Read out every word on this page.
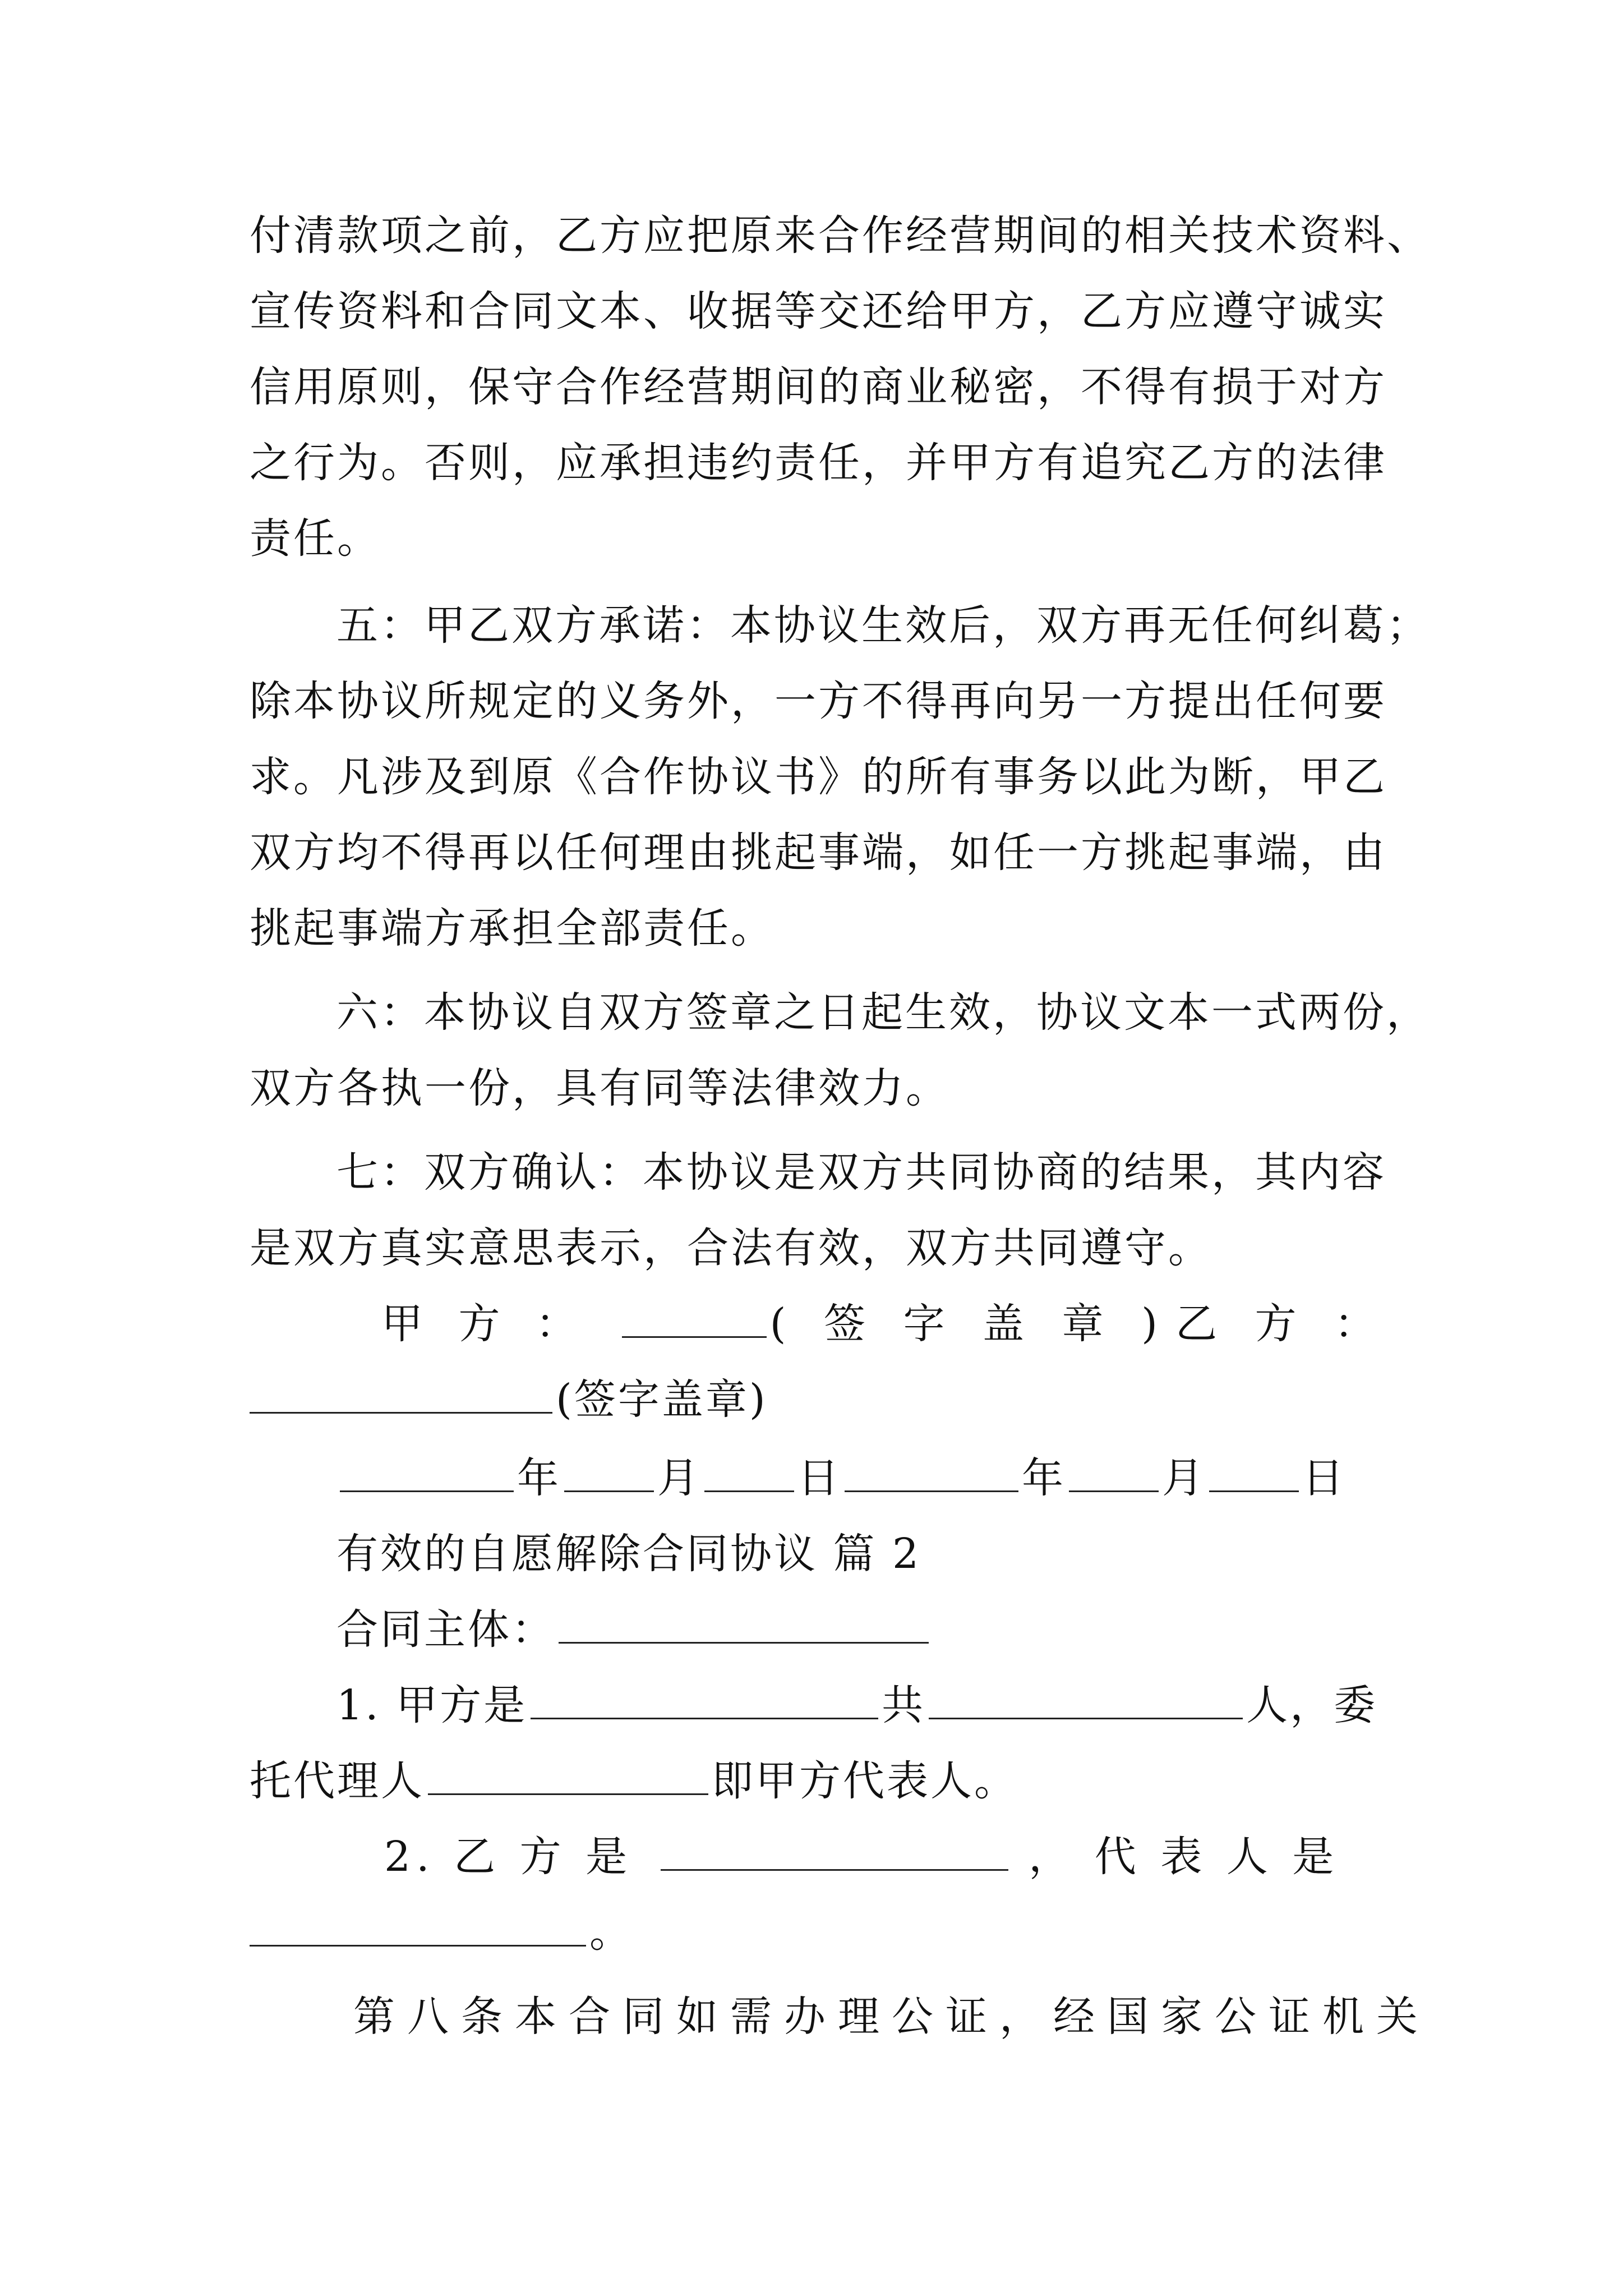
付清款项之前，乙方应把原来合作经营期间的相关技术资料、
宣传资料和合同文本、收据等交还给甲方，乙方应遵守诚实
信用原则，保守合作经营期间的商业秘密，不得有损于对方
之行为。否则，应承担违约责任，并甲方有追究乙方的法律
责任。
五：甲乙双方承诺：本协议生效后，双方再无任何纠葛；
除本协议所规定的义务外，一方不得再向另一方提出任何要
求。凡涉及到原《合作协议书》的所有事务以此为断，甲乙
双方均不得再以任何理由挑起事端，如任一方挑起事端，由
挑起事端方承担全部责任。
六：本协议自双方签章之日起生效，协议文本一式两份，
双方各执一份，具有同等法律效力。
七：双方确认：本协议是双方共同协商的结果，其内容
是双方真实意思表示，合法有效，双方共同遵守。
甲 方 ：	( 签 字 盖 章 ) 乙 方 ：
(签字盖章)
年 月 日	年 月 日
有效的自愿解除合同协议 篇 2
合同主体：
1. 甲方是	共	人，委
托代理人	即甲方代表人。
2. 乙 方 是	， 代 表 人 是
。
第八条本合同如需办理公证，经国家公证机关
